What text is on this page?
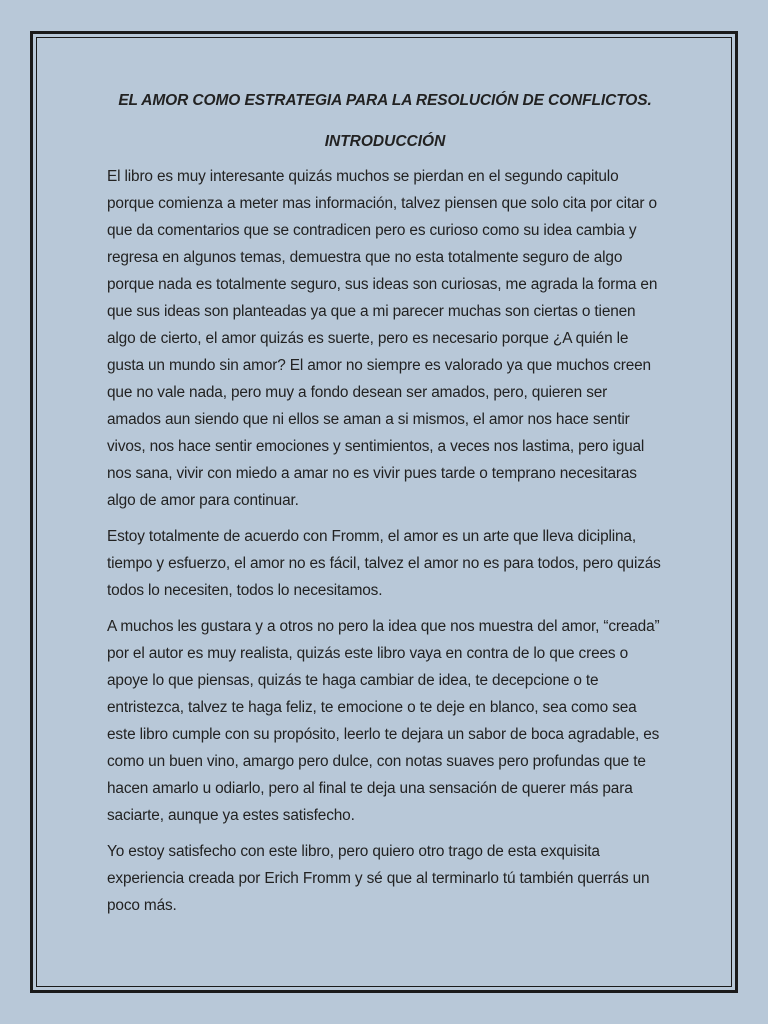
EL AMOR COMO ESTRATEGIA PARA LA RESOLUCIÓN DE CONFLICTOS.

INTRODUCCIÓN

El libro es muy interesante quizás muchos se pierdan en el segundo capitulo porque comienza a meter mas información, talvez piensen que solo cita por citar o que da comentarios que se contradicen pero es curioso como su idea cambia y regresa en algunos temas, demuestra que no esta totalmente seguro de algo porque nada es totalmente seguro, sus ideas son curiosas, me agrada la forma en que sus ideas son planteadas ya que a mi parecer muchas son ciertas o tienen algo de cierto, el amor quizás es suerte, pero es necesario porque ¿A quién le gusta un mundo sin amor? El amor no siempre es valorado ya que muchos creen que no vale nada, pero muy a fondo desean ser amados, pero, quieren ser amados aun siendo que ni ellos se aman a si mismos, el amor nos hace sentir vivos, nos hace sentir emociones y sentimientos, a veces nos lastima, pero igual nos sana, vivir con miedo a amar no es vivir pues tarde o temprano necesitaras algo de amor para continuar.

Estoy totalmente de acuerdo con Fromm, el amor es un arte que lleva diciplina, tiempo y esfuerzo, el amor no es fácil, talvez el amor no es para todos, pero quizás todos lo necesiten, todos lo necesitamos.

A muchos les gustara y a otros no pero la idea que nos muestra del amor, “creada” por el autor es muy realista, quizás este libro vaya en contra de lo que crees o apoye lo que piensas, quizás te haga cambiar de idea, te decepcione o te entristezca, talvez te haga feliz, te emocione o te deje en blanco, sea como sea este libro cumple con su propósito, leerlo te dejara un sabor de boca agradable, es como un buen vino, amargo pero dulce, con notas suaves pero profundas que te hacen amarlo u odiarlo, pero al final te deja una sensación de querer más para saciarte, aunque ya estes satisfecho.

Yo estoy satisfecho con este libro, pero quiero otro trago de esta exquisita experiencia creada por Erich Fromm y sé que al terminarlo tú también querrás un poco más.
